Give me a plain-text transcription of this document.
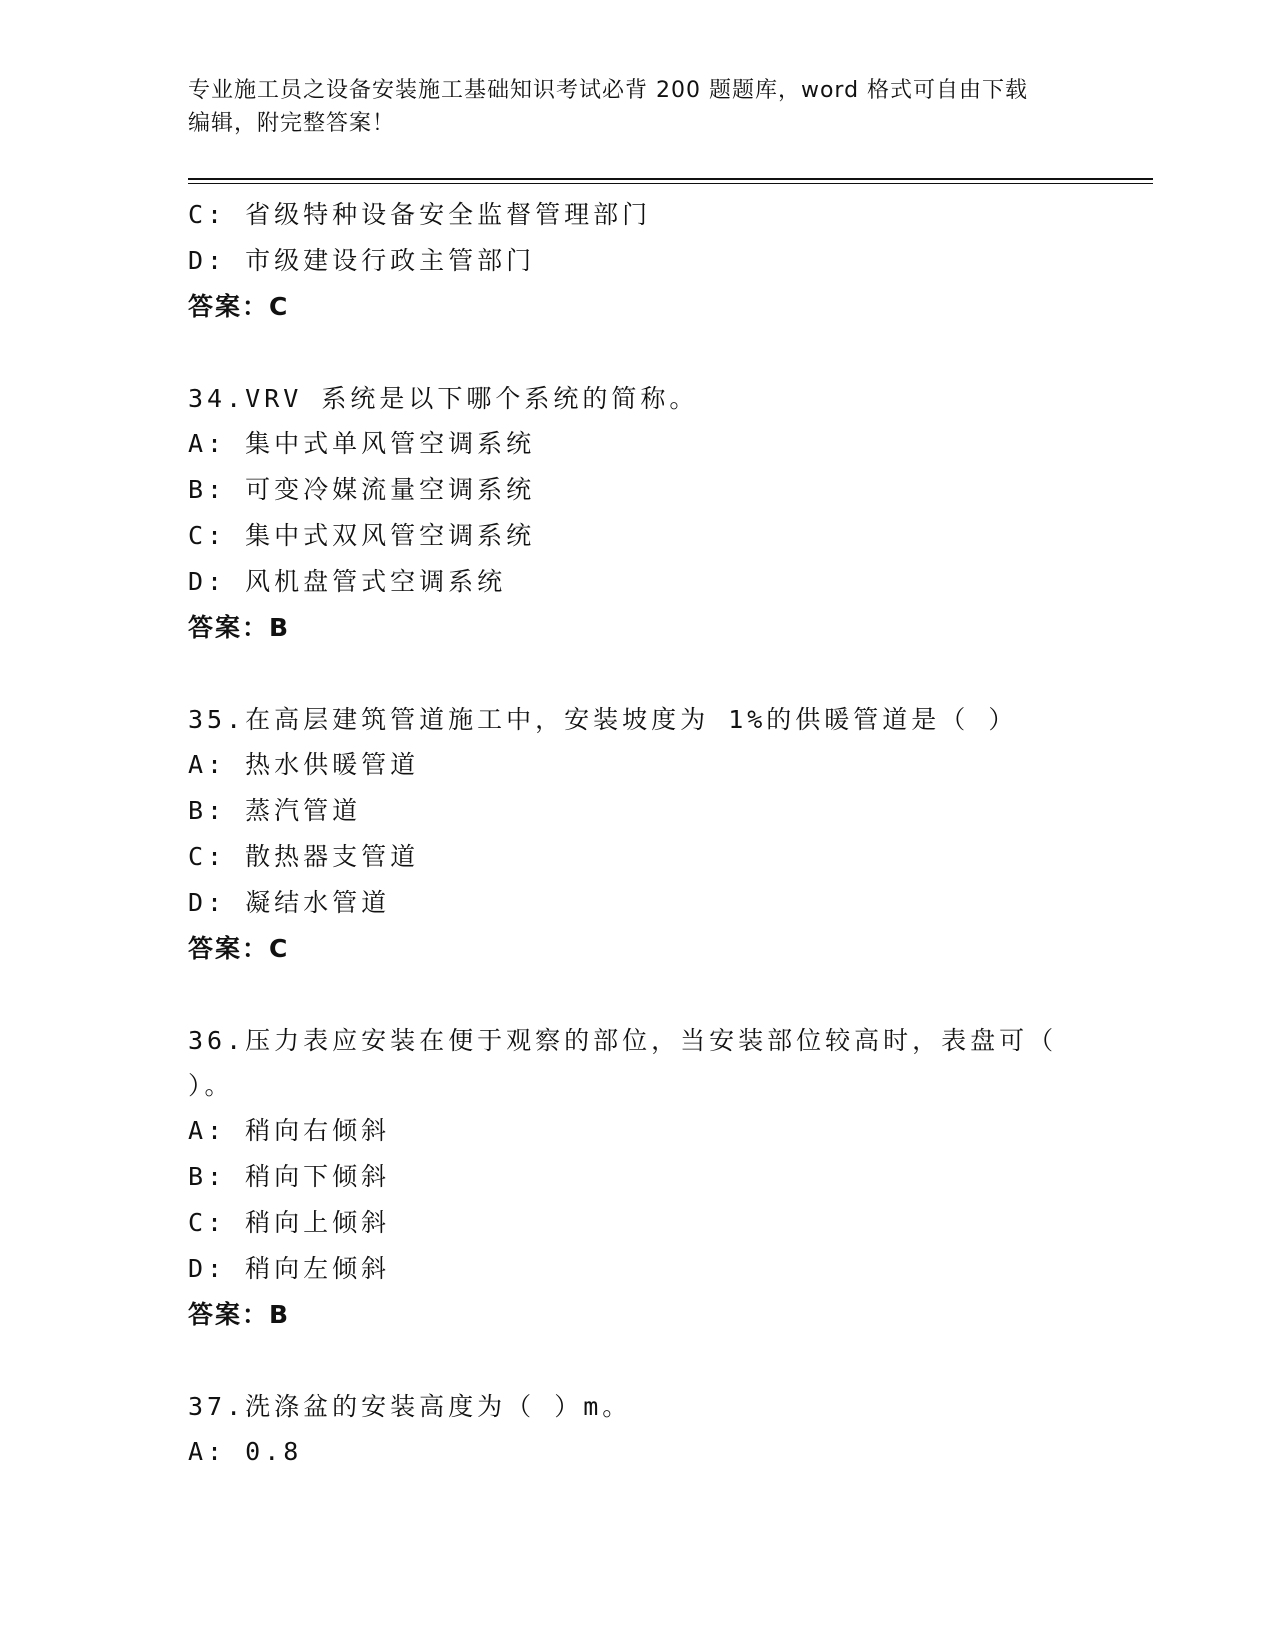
专业施工员之设备安装施工基础知识考试必背 200 题题库，word 格式可自由下载
编辑，附完整答案！
C: 省级特种设备安全监督管理部门
D: 市级建设行政主管部门
答案：C
34.VRV 系统是以下哪个系统的简称。
A: 集中式单风管空调系统
B: 可变冷媒流量空调系统
C: 集中式双风管空调系统
D: 风机盘管式空调系统
答案：B
35.在高层建筑管道施工中，安装坡度为 1%的供暖管道是（ ）
A: 热水供暖管道
B: 蒸汽管道
C: 散热器支管道
D: 凝结水管道
答案：C
36.压力表应安装在便于观察的部位，当安装部位较高时，表盘可（
）。
A: 稍向右倾斜
B: 稍向下倾斜
C: 稍向上倾斜
D: 稍向左倾斜
答案：B
37.洗涤盆的安装高度为（ ）m。
A: 0.8
